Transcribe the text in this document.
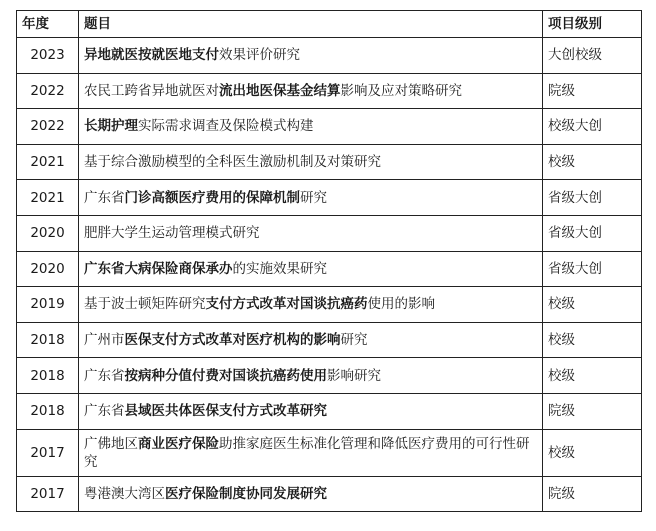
年度	题目	项目级别
2023	异地就医按就医地支付效果评价研究	大创校级
2022	农民工跨省异地就医对流出地医保基金结算影响及应对策略研究	院级
2022	长期护理实际需求调查及保险模式构建	校级大创
2021	基于综合激励模型的全科医生激励机制及对策研究	校级
2021	广东省门诊高额医疗费用的保障机制研究	省级大创
2020	肥胖大学生运动管理模式研究	省级大创
2020	广东省大病保险商保承办的实施效果研究	省级大创
2019	基于波士顿矩阵研究支付方式改革对国谈抗癌药使用的影响	校级
2018	广州市医保支付方式改革对医疗机构的影响研究	校级
2018	广东省按病种分值付费对国谈抗癌药使用影响研究	校级
2018	广东省县域医共体医保支付方式改革研究	院级
2017	广佛地区商业医疗保险助推家庭医生标准化管理和降低医疗费用的可行性研究	校级
2017	粤港澳大湾区医疗保险制度协同发展研究	院级
